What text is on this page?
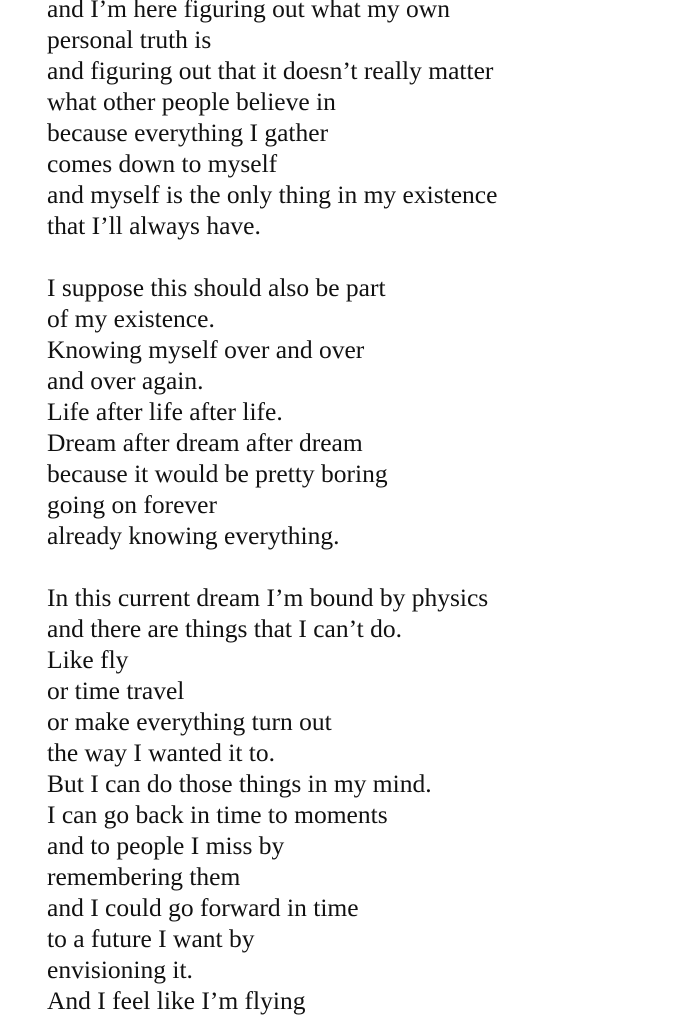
and I’m here figuring out what my own
personal truth is
and figuring out that it doesn’t really matter
what other people believe in
because everything I gather
comes down to myself
and myself is the only thing in my existence
that I’ll always have.
I suppose this should also be part
of my existence.
Knowing myself over and over
and over again.
Life after life after life.
Dream after dream after dream
because it would be pretty boring
going on forever
already knowing everything.
In this current dream I’m bound by physics
and there are things that I can’t do.
Like fly
or time travel
or make everything turn out
the way I wanted it to.
But I can do those things in my mind.
I can go back in time to moments
and to people I miss by
remembering them
and I could go forward in time
to a future I want by
envisioning it.
And I feel like I’m flying
